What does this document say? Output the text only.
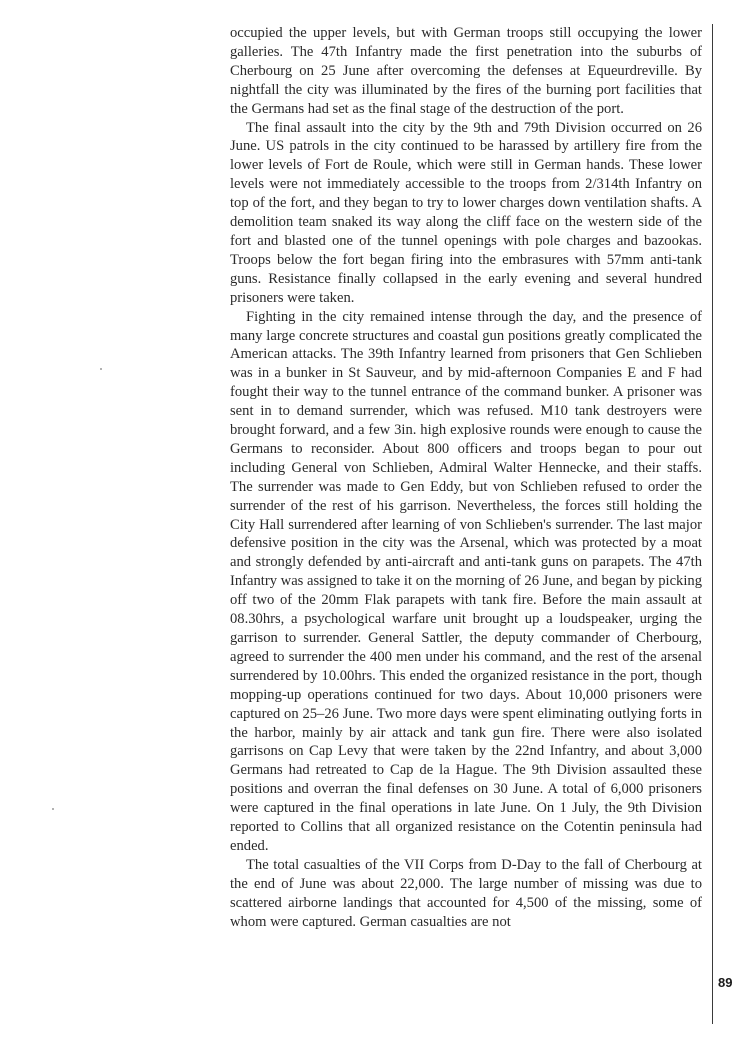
occupied the upper levels, but with German troops still occupying the lower galleries. The 47th Infantry made the first penetration into the suburbs of Cherbourg on 25 June after overcoming the defenses at Equeurdreville. By nightfall the city was illuminated by the fires of the burning port facilities that the Germans had set as the final stage of the destruction of the port.

The final assault into the city by the 9th and 79th Division occurred on 26 June. US patrols in the city continued to be harassed by artillery fire from the lower levels of Fort de Roule, which were still in German hands. These lower levels were not immediately accessible to the troops from 2/314th Infantry on top of the fort, and they began to try to lower charges down ventilation shafts. A demolition team snaked its way along the cliff face on the western side of the fort and blasted one of the tunnel openings with pole charges and bazookas. Troops below the fort began firing into the embrasures with 57mm anti-tank guns. Resistance finally collapsed in the early evening and several hundred prisoners were taken.

Fighting in the city remained intense through the day, and the presence of many large concrete structures and coastal gun positions greatly complicated the American attacks. The 39th Infantry learned from prisoners that Gen Schlieben was in a bunker in St Sauveur, and by mid-afternoon Companies E and F had fought their way to the tunnel entrance of the command bunker. A prisoner was sent in to demand surrender, which was refused. M10 tank destroyers were brought forward, and a few 3in. high explosive rounds were enough to cause the Germans to reconsider. About 800 officers and troops began to pour out including General von Schlieben, Admiral Walter Hennecke, and their staffs. The surrender was made to Gen Eddy, but von Schlieben refused to order the surrender of the rest of his garrison. Nevertheless, the forces still holding the City Hall surrendered after learning of von Schlieben's surrender. The last major defensive position in the city was the Arsenal, which was protected by a moat and strongly defended by anti-aircraft and anti-tank guns on parapets. The 47th Infantry was assigned to take it on the morning of 26 June, and began by picking off two of the 20mm Flak parapets with tank fire. Before the main assault at 08.30hrs, a psychological warfare unit brought up a loudspeaker, urging the garrison to surrender. General Sattler, the deputy commander of Cherbourg, agreed to surrender the 400 men under his command, and the rest of the arsenal surrendered by 10.00hrs. This ended the organized resistance in the port, though mopping-up operations continued for two days. About 10,000 prisoners were captured on 25–26 June. Two more days were spent eliminating outlying forts in the harbor, mainly by air attack and tank gun fire. There were also isolated garrisons on Cap Levy that were taken by the 22nd Infantry, and about 3,000 Germans had retreated to Cap de la Hague. The 9th Division assaulted these positions and overran the final defenses on 30 June. A total of 6,000 prisoners were captured in the final operations in late June. On 1 July, the 9th Division reported to Collins that all organized resistance on the Cotentin peninsula had ended.

The total casualties of the VII Corps from D-Day to the fall of Cherbourg at the end of June was about 22,000. The large number of missing was due to scattered airborne landings that accounted for 4,500 of the missing, some of whom were captured. German casualties are not

89
